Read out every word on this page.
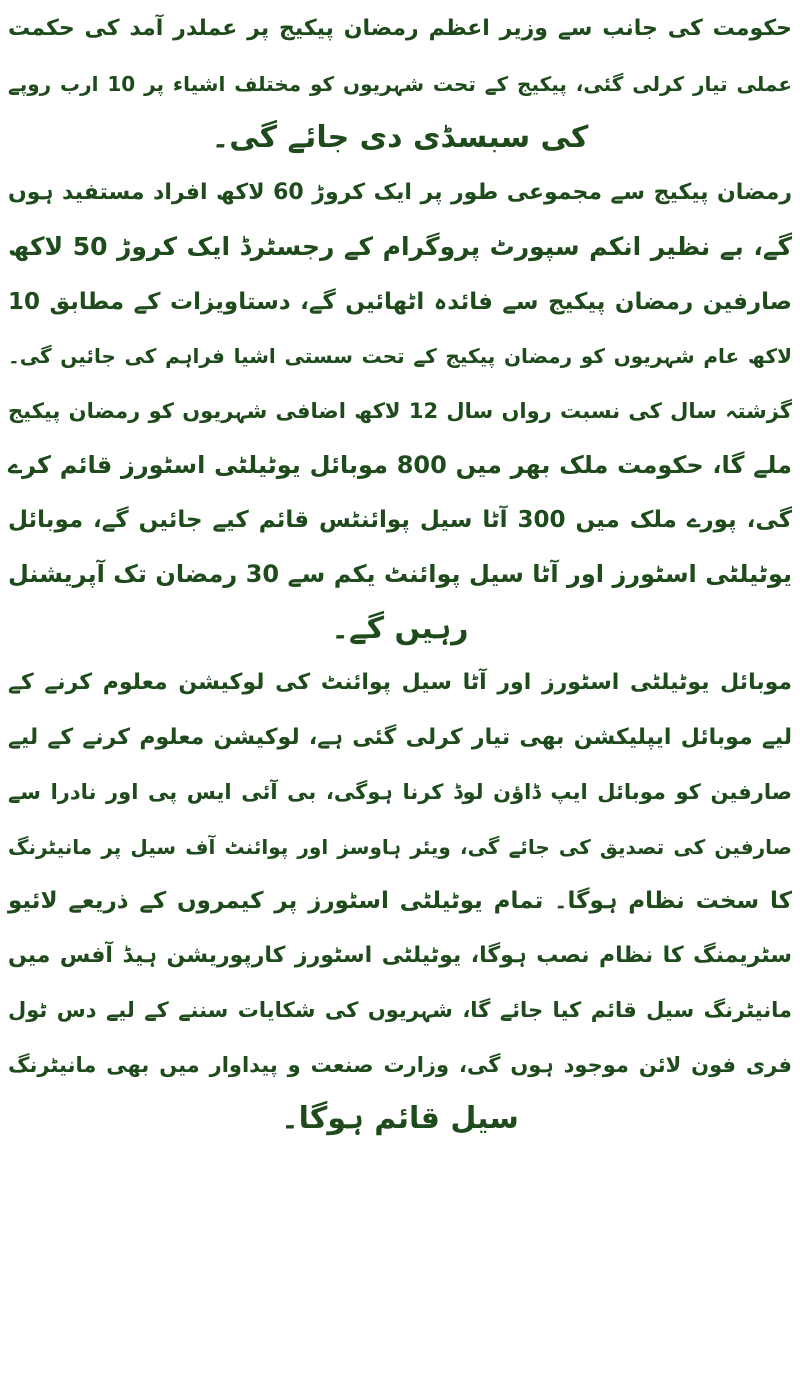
حکومت کی جانب سے وزیر اعظم رمضان پیکیج پر عملدر آمد کی حکمت
عملی تیار کرلی گئی، پیکیج کے تحت شہریوں کو مختلف اشیاء پر 10 ارب روپے
کی سبسڈی دی جائے گی۔
رمضان پیکیج سے مجموعی طور پر ایک کروڑ 60 لاکھ افراد مستفید ہوں
گے، بے نظیر انکم سپورٹ پروگرام کے رجسٹرڈ ایک کروڑ 50 لاکھ
صارفین رمضان پیکیج سے فائدہ اٹھائیں گے، دستاویزات کے مطابق 10
لاکھ عام شہریوں کو رمضان پیکیج کے تحت سستی اشیا فراہم کی جائیں گی۔
گزشتہ سال کی نسبت رواں سال 12 لاکھ اضافی شہریوں کو رمضان پیکیج
ملے گا، حکومت ملک بھر میں 800 موبائل یوٹیلٹی اسٹورز قائم کرے
گی، پورے ملک میں 300 آٹا سیل پوائنٹس قائم کیے جائیں گے، موبائل
یوٹیلٹی اسٹورز اور آٹا سیل پوائنٹ یکم سے 30 رمضان تک آپریشنل
رہیں گے۔
موبائل یوٹیلٹی اسٹورز اور آٹا سیل پوائنٹ کی لوکیشن معلوم کرنے کے
لیے موبائل ایپلیکشن بھی تیار کرلی گئی ہے، لوکیشن معلوم کرنے کے لیے
صارفین کو موبائل ایپ ڈاؤن لوڈ کرنا ہوگی، بی آئی ایس پی اور نادرا سے
صارفین کی تصدیق کی جائے گی، ویئر ہاوسز اور پوائنٹ آف سیل پر مانیٹرنگ
کا سخت نظام ہوگا۔ تمام یوٹیلٹی اسٹورز پر کیمروں کے ذریعے لائیو
سٹریمنگ کا نظام نصب ہوگا، یوٹیلٹی اسٹورز کارپوریشن ہیڈ آفس میں
مانیٹرنگ سیل قائم کیا جائے گا، شہریوں کی شکایات سننے کے لیے دس ٹول
فری فون لائن موجود ہوں گی، وزارت صنعت و پیداوار میں بھی مانیٹرنگ
سیل قائم ہوگا۔
